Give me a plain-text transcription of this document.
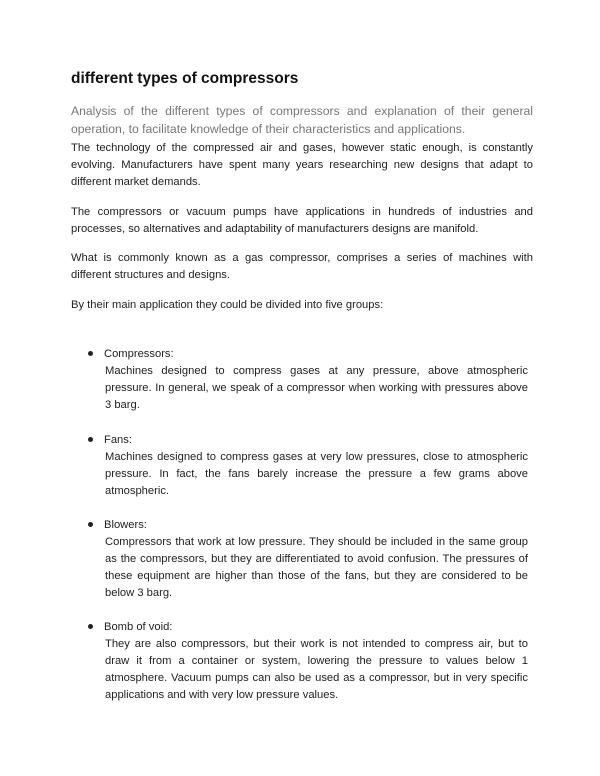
different types of compressors
Analysis of the different types of compressors and explanation of their general operation, to facilitate knowledge of their characteristics and applications.
The technology of the compressed air and gases, however static enough, is constantly evolving. Manufacturers have spent many years researching new designs that adapt to different market demands.
The compressors or vacuum pumps have applications in hundreds of industries and processes, so alternatives and adaptability of manufacturers designs are manifold.
What is commonly known as a gas compressor, comprises a series of machines with different structures and designs.
By their main application they could be divided into five groups:
Compressors:
Machines designed to compress gases at any pressure, above atmospheric pressure. In general, we speak of a compressor when working with pressures above 3 barg.
Fans:
Machines designed to compress gases at very low pressures, close to atmospheric pressure. In fact, the fans barely increase the pressure a few grams above atmospheric.
Blowers:
Compressors that work at low pressure. They should be included in the same group as the compressors, but they are differentiated to avoid confusion. The pressures of these equipment are higher than those of the fans, but they are considered to be below 3 barg.
Bomb of void:
They are also compressors, but their work is not intended to compress air, but to draw it from a container or system, lowering the pressure to values below 1 atmosphere. Vacuum pumps can also be used as a compressor, but in very specific applications and with very low pressure values.
